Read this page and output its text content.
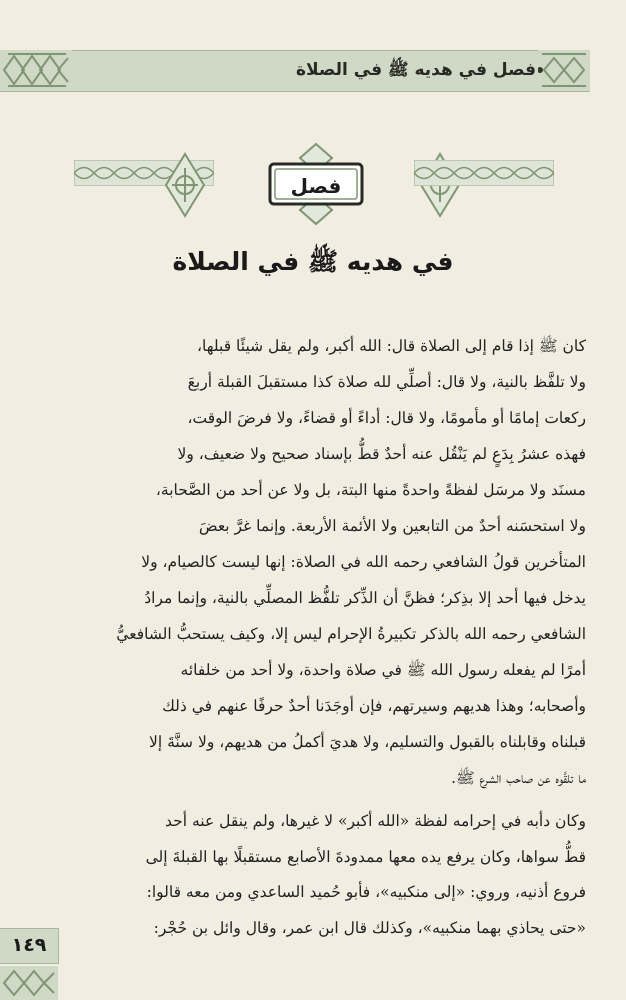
فصل في هديه ﷺ في الصلاة
فصل
في هديه ﷺ في الصلاة
كان ﷺ إذا قام إلى الصلاة قال: الله أكبر، ولم يقل شيئًا قبلها،
ولا تلفَّظ بالنية، ولا قال: أصلِّي لله صلاة كذا مستقبلَ القبلة أربعَ
ركعات إمامًا أو مأمومًا، ولا قال: أداءً أو قضاءً، ولا فرضَ الوقت،
فهذه عشرُ بِدَعٍ لم يَنْقُل عنه أحدٌ قطُّ بإسناد صحيح ولا ضعيف، ولا
مسنَد ولا مرسَل لفظةً واحدةً منها البتة، بل ولا عن أحد من الصَّحابة،
ولا استحسَنه أحدٌ من التابعين ولا الأئمة الأربعة. وإنما غرَّ بعضَ
المتأخرين قولُ الشافعي رحمه الله في الصلاة: إنها ليست كالصيام، ولا
يدخل فيها أحد إلا بذِكر؛ فظنَّ أن الذِّكر تلفُّظ المصلِّي بالنية، وإنما مرادُ
الشافعي رحمه الله بالذكر تكبيرةُ الإحرام ليس إلا، وكيف يستحبُّ الشافعيُّ
أمرًا لم يفعله رسول الله ﷺ في صلاة واحدة، ولا أحد من خلفائه
وأصحابه؛ وهذا هديهم وسيرتهم، فإن أوجَدَنا أحدٌ حرفًا عنهم في ذلك
قبلناه وقابلناه بالقبول والتسليم، ولا هديَ أكملُ من هديهم، ولا سنَّةَ إلا
ما تلقَّوه عن صاحب الشرع ﷺ.
وكان دأبه في إحرامه لفظة «الله أكبر» لا غيرها، ولم ينقل عنه أحد
قطُّ سواها، وكان يرفع يده معها ممدودةَ الأصابع مستقبلًا بها القبلةَ إلى
فروع أذنيه، وروي: «إلى منكبيه»، فأبو حُميد الساعدي ومن معه قالوا:
«حتى يحاذي بهما منكبيه»، وكذلك قال ابن عمر، وقال وائل بن حُجْر:
١٤٩
